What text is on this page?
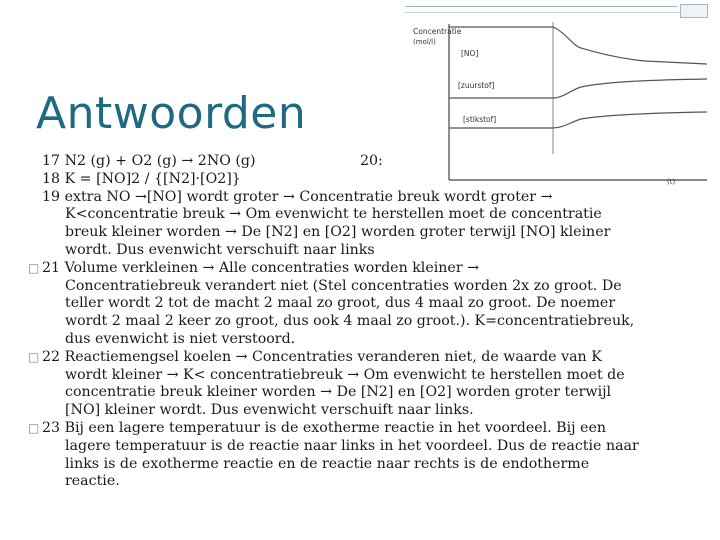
Antwoorden
Concentratie
(mol/l)
(t)
[NO]
[zuurstof]
[stikstof]
17 N2 (g) + O2 (g) → 2NO (g)	20:
18 K = [NO]2 / {[N2]·[O2]}
19 extra NO →[NO] wordt groter → Concentratie breuk wordt groter →
K<concentratie breuk → Om evenwicht te herstellen moet de concentratie
breuk kleiner worden → De [N2] en [O2] worden groter terwijl [NO] kleiner
wordt. Dus evenwicht verschuift naar links
□ 21 Volume verkleinen → Alle concentraties worden kleiner →
Concentratiebreuk verandert niet (Stel concentraties worden 2x zo groot. De
teller wordt 2 tot de macht 2 maal zo groot, dus 4 maal zo groot. De noemer
wordt 2 maal 2 keer zo groot, dus ook 4 maal zo groot.). K=concentratiebreuk,
dus evenwicht is niet verstoord.
□ 22 Reactiemengsel koelen → Concentraties veranderen niet, de waarde van K
wordt kleiner → K< concentratiebreuk → Om evenwicht te herstellen moet de
concentratie breuk kleiner worden → De [N2] en [O2] worden groter terwijl
[NO] kleiner wordt. Dus evenwicht verschuift naar links.
□ 23 Bij een lagere temperatuur is de exotherme reactie in het voordeel. Bij een
lagere temperatuur is de reactie naar links in het voordeel. Dus de reactie naar
links is de exotherme reactie en de reactie naar rechts is de endotherme
reactie.
